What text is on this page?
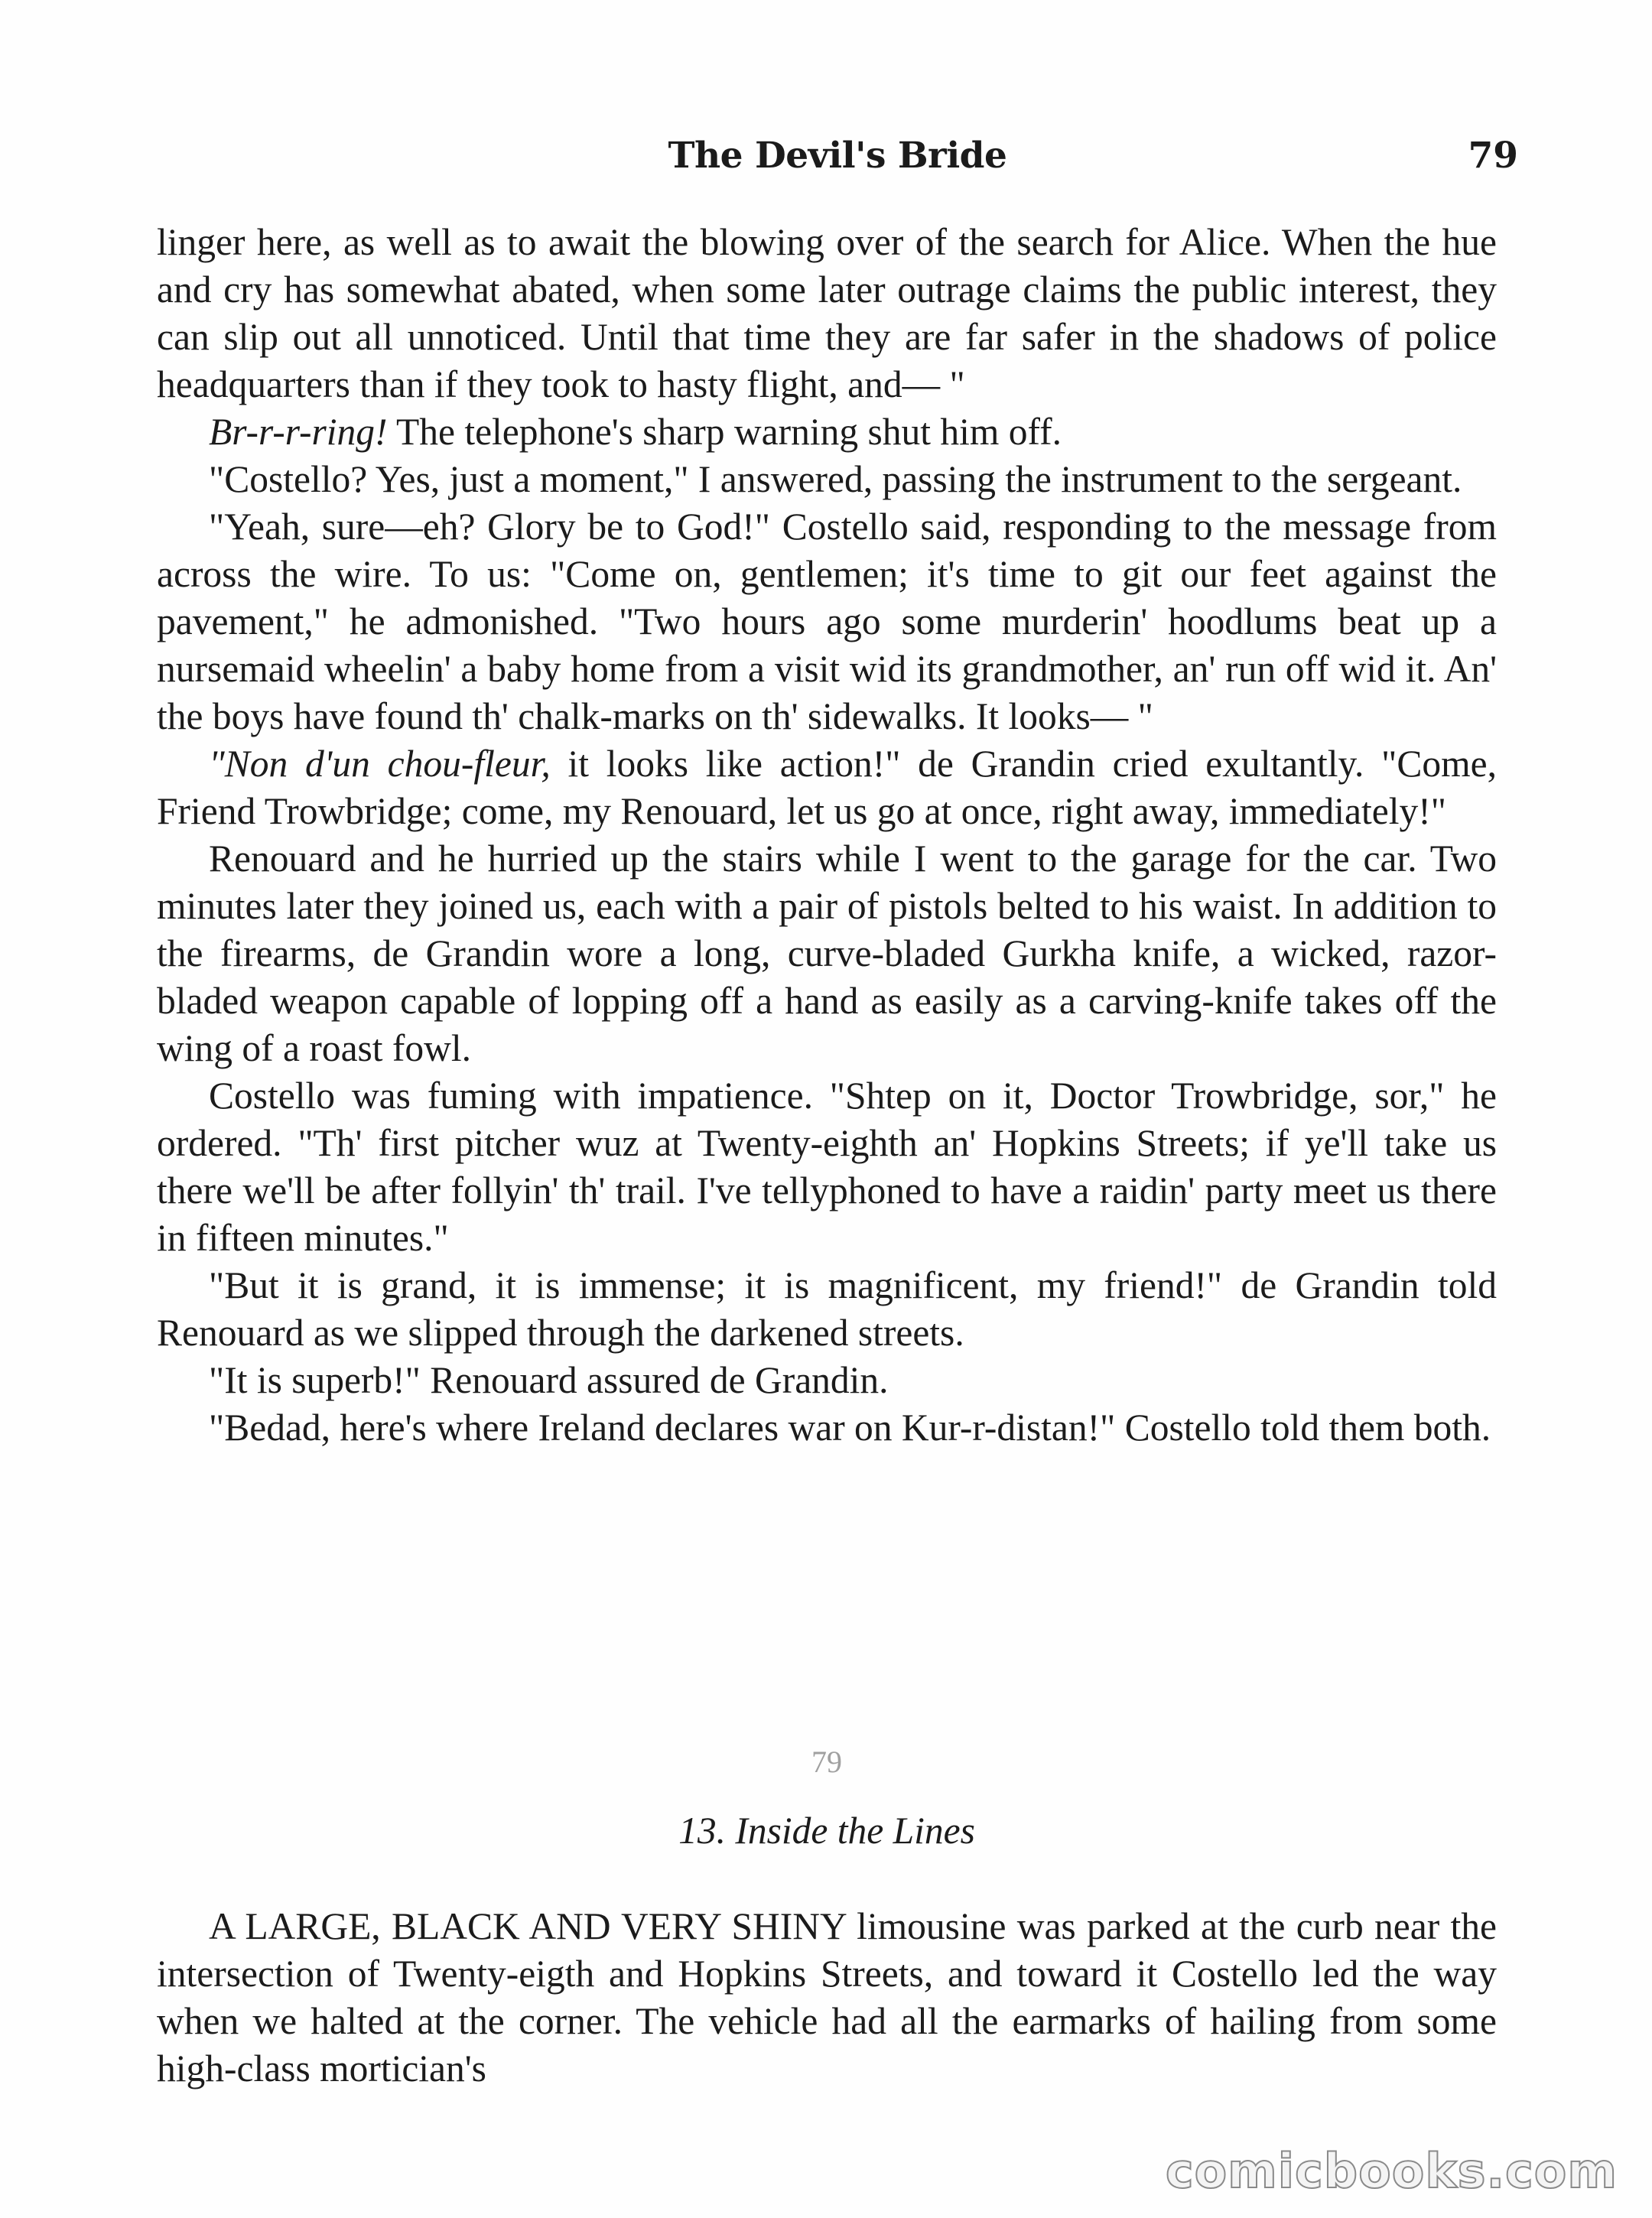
The Devil's Bride	79

linger here, as well as to await the blowing over of the search for Alice. When the hue and cry has somewhat abated, when some later outrage claims the public interest, they can slip out all unnoticed. Until that time they are far safer in the shadows of police headquarters than if they took to hasty flight, and— "

Br-r-r-ring! The telephone's sharp warning shut him off.

"Costello? Yes, just a moment," I answered, passing the instrument to the sergeant.

"Yeah, sure—eh? Glory be to God!" Costello said, responding to the message from across the wire. To us: "Come on, gentlemen; it's time to git our feet against the pavement," he admonished. "Two hours ago some murderin' hoodlums beat up a nursemaid wheelin' a baby home from a visit wid its grandmother, an' run off wid it. An' the boys have found th' chalk-marks on th' sidewalks. It looks— "

"Non d'un chou-fleur, it looks like action!" de Grandin cried exultantly. "Come, Friend Trowbridge; come, my Renouard, let us go at once, right away, immediately!"

Renouard and he hurried up the stairs while I went to the garage for the car. Two minutes later they joined us, each with a pair of pistols belted to his waist. In addition to the firearms, de Grandin wore a long, curve-bladed Gurkha knife, a wicked, razor-bladed weapon capable of lopping off a hand as easily as a carving-knife takes off the wing of a roast fowl.

Costello was fuming with impatience. "Shtep on it, Doctor Trowbridge, sor," he ordered. "Th' first pitcher wuz at Twenty-eighth an' Hopkins Streets; if ye'll take us there we'll be after follyin' th' trail. I've tellyphoned to have a raidin' party meet us there in fifteen minutes."

"But it is grand, it is immense; it is magnificent, my friend!" de Grandin told Renouard as we slipped through the darkened streets.

"It is superb!" Renouard assured de Grandin.

"Bedad, here's where Ireland declares war on Kur-r-distan!" Costello told them both.

79
13. Inside the Lines

A LARGE, BLACK AND VERY SHINY limousine was parked at the curb near the intersection of Twenty-eigth and Hopkins Streets, and toward it Costello led the way when we halted at the corner. The vehicle had all the earmarks of hailing from some high-class mortician's

comicbooks.com
